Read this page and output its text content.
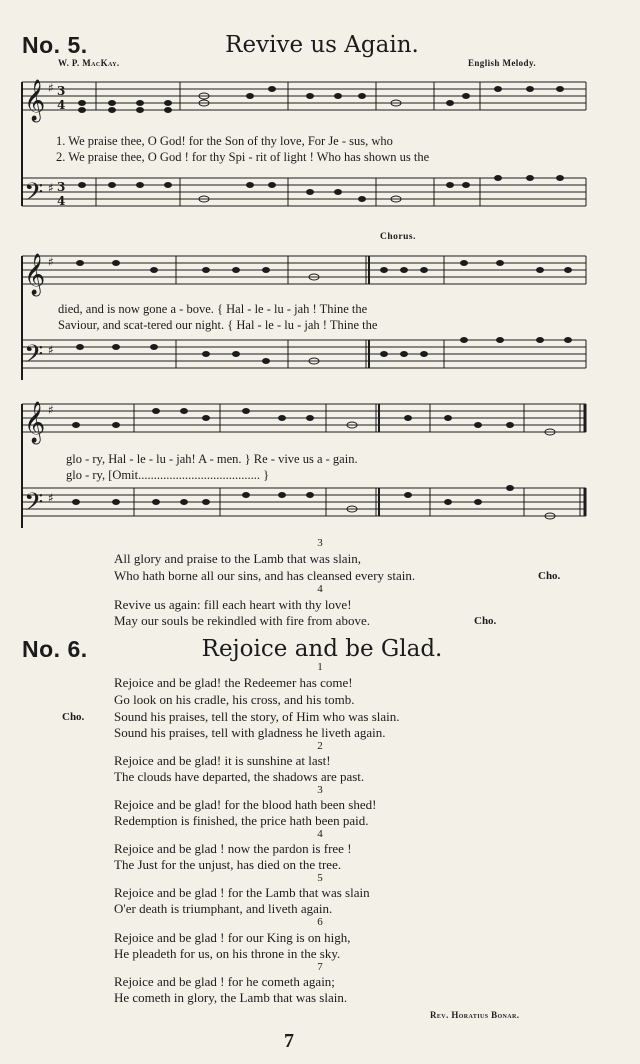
No. 5.	Revive us Again.
W. P. MacKay.	English Melody.
𝄞
𝄢
♯
♯
3
4
3
4
1. We praise thee, O God! for the Son of thy love, For Je - sus, who
2. We praise thee, O God ! for thy Spi - rit of light ! Who has shown us the
Chorus.
𝄞
𝄢
♯
♯
died, and is now gone a - bove. { Hal - le - lu - jah ! Thine the
Saviour, and scat-tered our night. { Hal - le - lu - jah ! Thine the
𝄞
𝄢
♯
♯
glo - ry, Hal - le - lu - jah! A - men. } Re - vive us a - gain.
glo - ry, [Omit....................................... }
3
All glory and praise to the Lamb that was slain,
Who hath borne all our sins, and has cleansed every stain.	Cho.
4
Revive us again: fill each heart with thy love!
May our souls be rekindled with fire from above.	Cho.
No. 6.	Rejoice and be Glad.
1
Rejoice and be glad! the Redeemer has come!
Go look on his cradle, his cross, and his tomb.
Cho. Sound his praises, tell the story, of Him who was slain.
Sound his praises, tell with gladness he liveth again.
2
Rejoice and be glad! it is sunshine at last!
The clouds have departed, the shadows are past.
3
Rejoice and be glad! for the blood hath been shed!
Redemption is finished, the price hath been paid.
4
Rejoice and be glad ! now the pardon is free !
The Just for the unjust, has died on the tree.
5
Rejoice and be glad ! for the Lamb that was slain
O'er death is triumphant, and liveth again.
6
Rejoice and be glad ! for our King is on high,
He pleadeth for us, on his throne in the sky.
7
Rejoice and be glad ! for he cometh again;
He cometh in glory, the Lamb that was slain.
Rev. Horatius Bonar.
7
